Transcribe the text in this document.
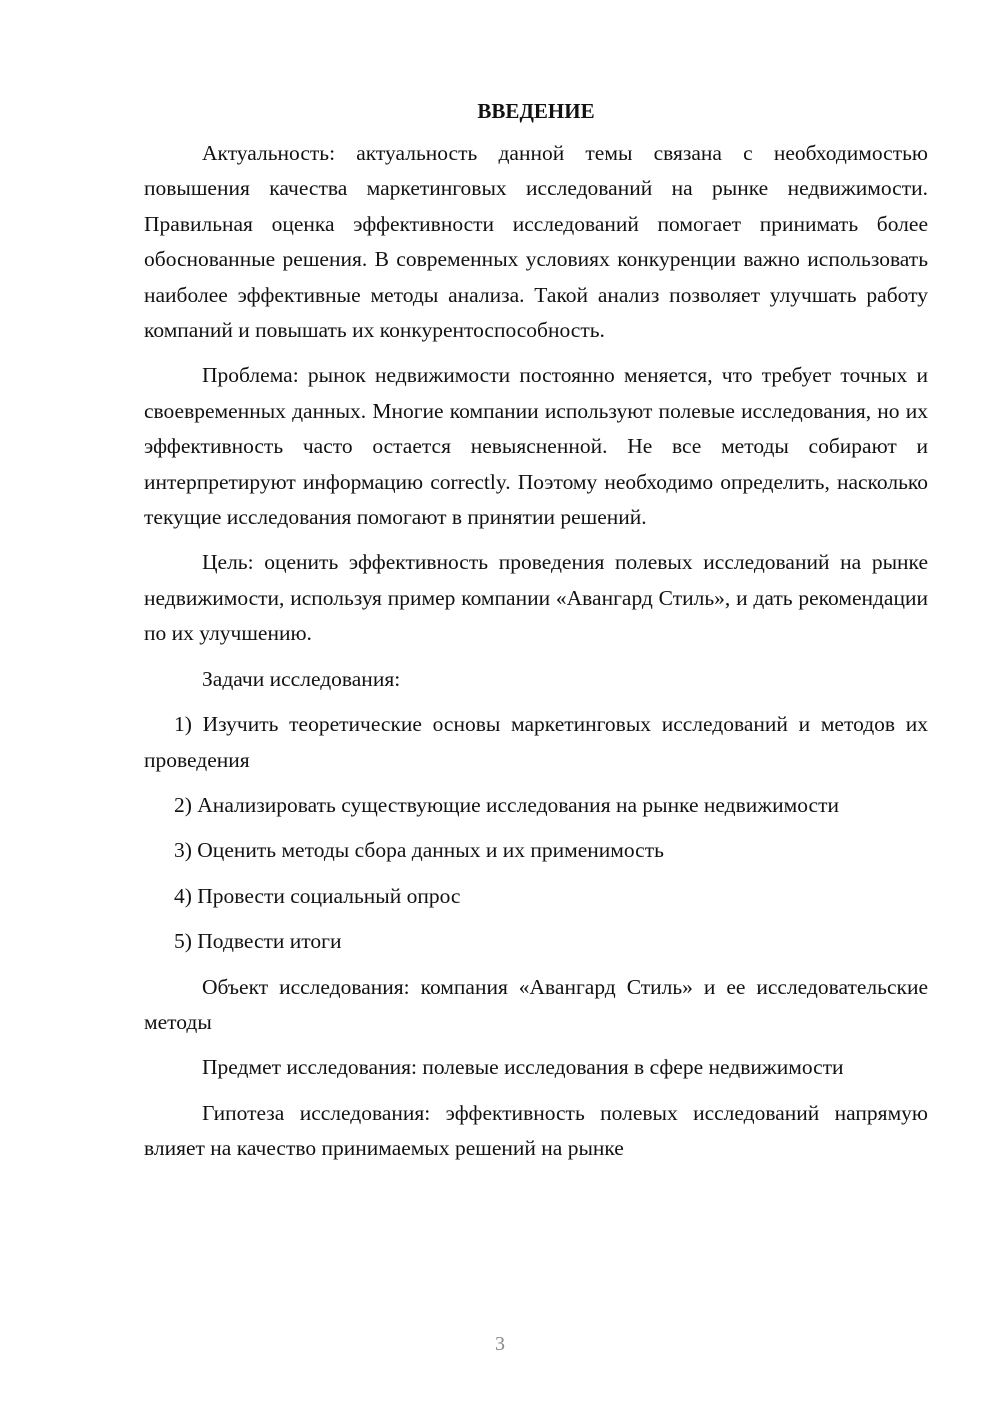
ВВЕДЕНИЕ

Актуальность: актуальность данной темы связана с необходимостью повышения качества маркетинговых исследований на рынке недвижимости. Правильная оценка эффективности исследований помогает принимать более обоснованные решения. В современных условиях конкуренции важно использовать наиболее эффективные методы анализа. Такой анализ позволяет улучшать работу компаний и повышать их конкурентоспособность.

Проблема: рынок недвижимости постоянно меняется, что требует точных и своевременных данных. Многие компании используют полевые исследования, но их эффективность часто остается невыясненной. Не все методы собирают и интерпретируют информацию correctly. Поэтому необходимо определить, насколько текущие исследования помогают в принятии решений.

Цель: оценить эффективность проведения полевых исследований на рынке недвижимости, используя пример компании «Авангард Стиль», и дать рекомендации по их улучшению.

Задачи исследования:

1) Изучить теоретические основы маркетинговых исследований и методов их проведения

2) Анализировать существующие исследования на рынке недвижимости

3) Оценить методы сбора данных и их применимость

4) Провести социальный опрос

5) Подвести итоги

Объект исследования: компания «Авангард Стиль» и ее исследовательские методы

Предмет исследования: полевые исследования в сфере недвижимости

Гипотеза исследования: эффективность полевых исследований напрямую влияет на качество принимаемых решений на рынке

3
